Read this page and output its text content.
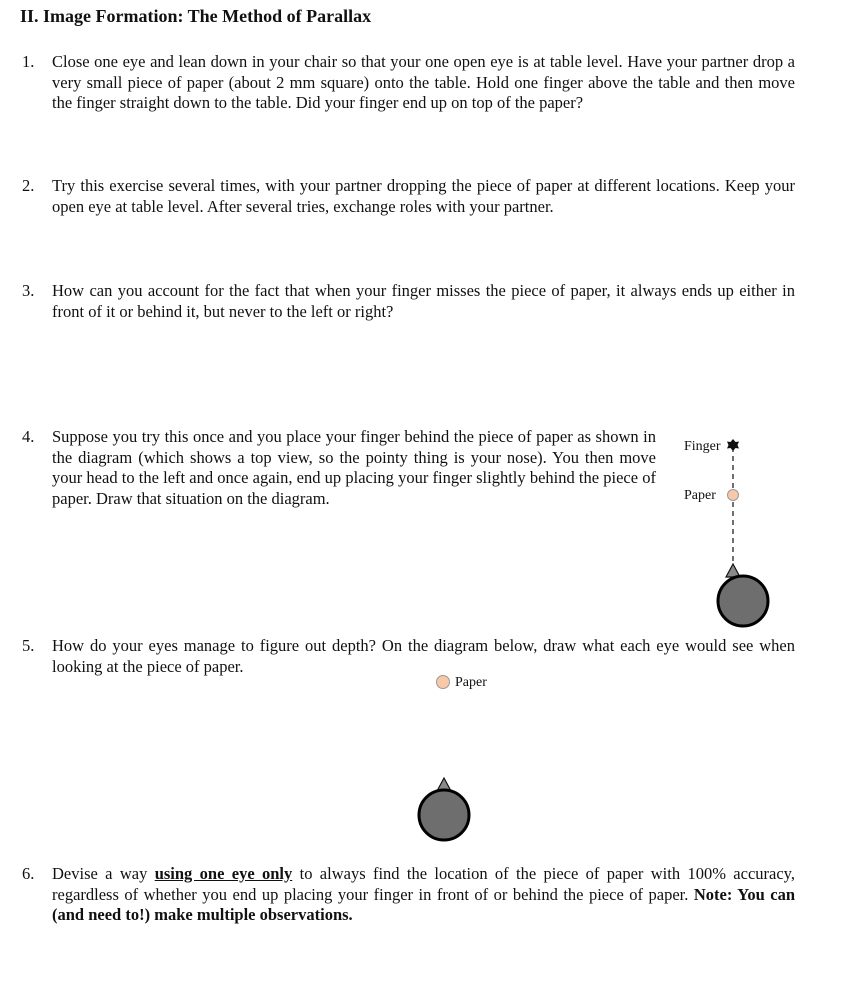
II. Image Formation: The Method of Parallax
1. Close one eye and lean down in your chair so that your one open eye is at table level. Have your partner drop a very small piece of paper (about 2 mm square) onto the table. Hold one finger above the table and then move the finger straight down to the table. Did your finger end up on top of the paper?
2. Try this exercise several times, with your partner dropping the piece of paper at different locations. Keep your open eye at table level. After several tries, exchange roles with your partner.
3. How can you account for the fact that when your finger misses the piece of paper, it always ends up either in front of it or behind it, but never to the left or right?
4. Suppose you try this once and you place your finger behind the piece of paper as shown in the diagram (which shows a top view, so the pointy thing is your nose). You then move your head to the left and once again, end up placing your finger slightly behind the piece of paper. Draw that situation on the diagram.
Finger
Paper
5. How do your eyes manage to figure out depth? On the diagram below, draw what each eye would see when looking at the piece of paper.
Paper
6. Devise a way using one eye only to always find the location of the piece of paper with 100% accuracy, regardless of whether you end up placing your finger in front of or behind the piece of paper. Note: You can (and need to!) make multiple observations.
